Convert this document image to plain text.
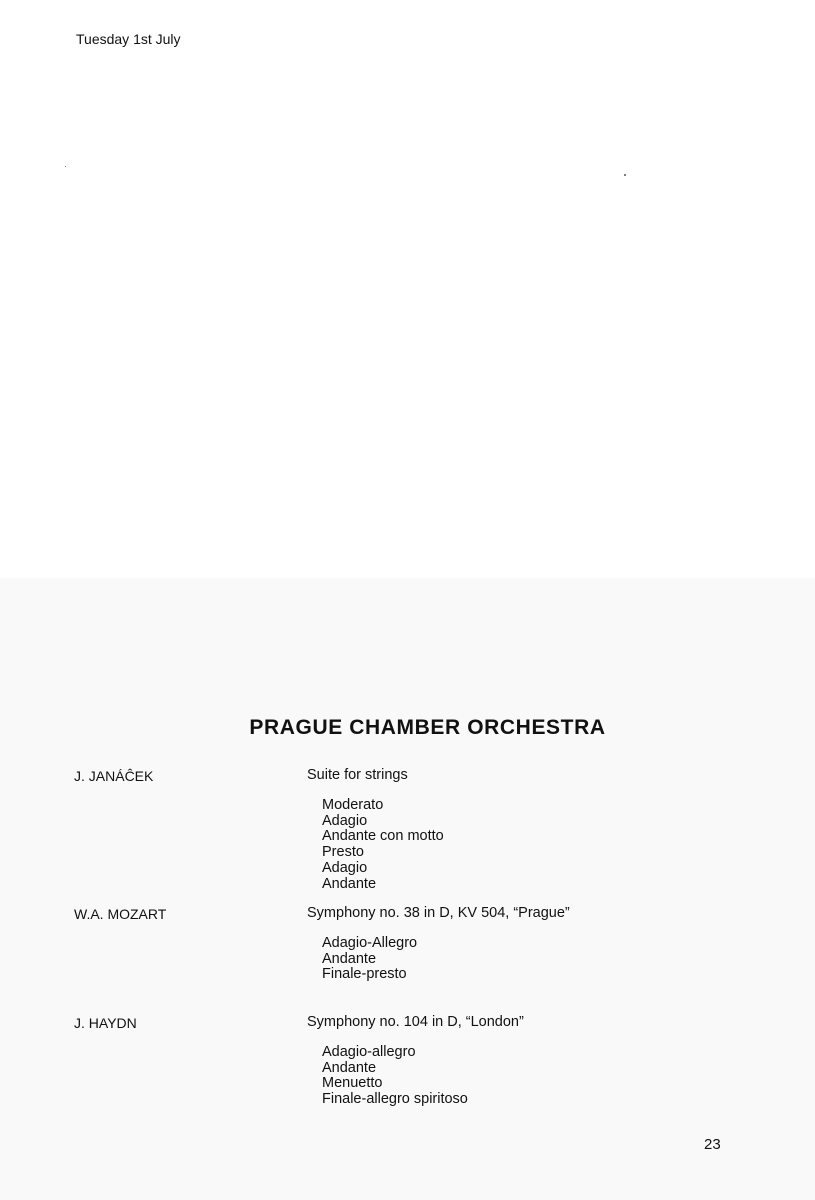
Tuesday 1st July
PRAGUE CHAMBER ORCHESTRA
J. JANÁĈEK	Suite for strings
Moderato
Adagio
Andante con motto
Presto
Adagio
Andante
W.A. MOZART	Symphony no. 38 in D, KV 504, “Prague”
Adagio-Allegro
Andante
Finale-presto
J. HAYDN	Symphony no. 104 in D, “London”
Adagio-allegro
Andante
Menuetto
Finale-allegro spiritoso
23
